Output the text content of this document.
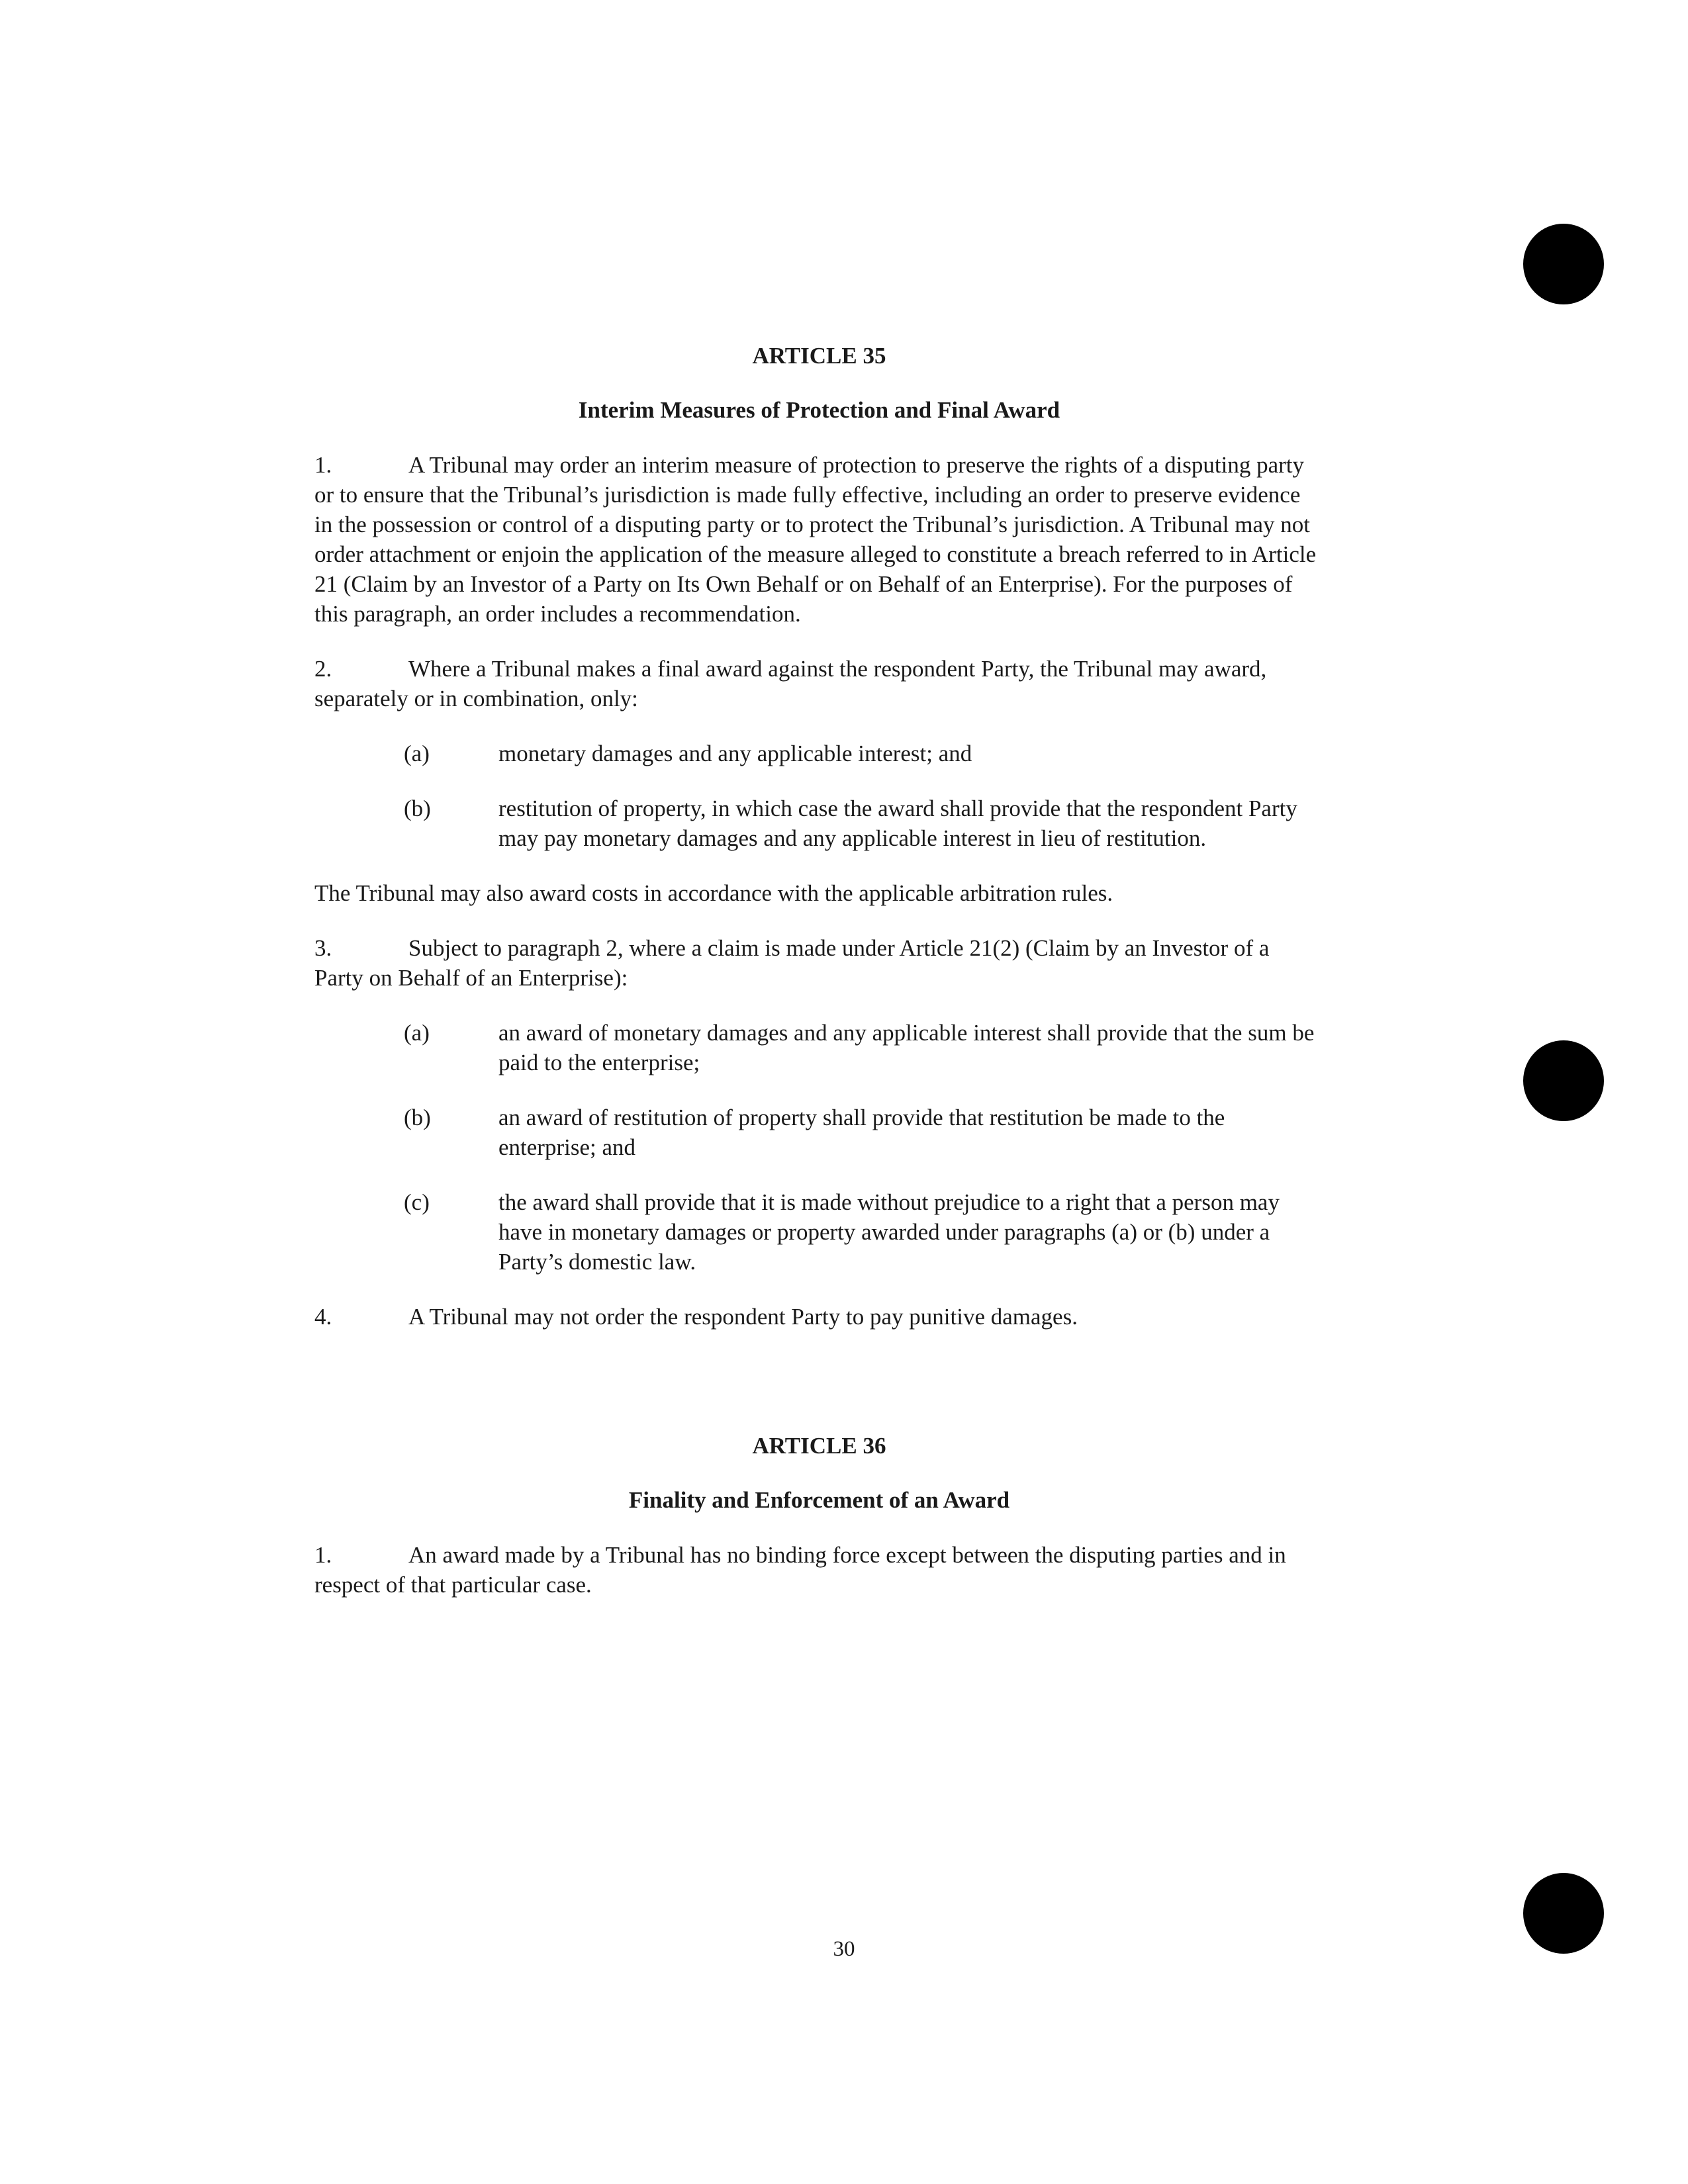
ARTICLE 35

Interim Measures of Protection and Final Award

1.	A Tribunal may order an interim measure of protection to preserve the rights of a disputing party or to ensure that the Tribunal’s jurisdiction is made fully effective, including an order to preserve evidence in the possession or control of a disputing party or to protect the Tribunal’s jurisdiction. A Tribunal may not order attachment or enjoin the application of the measure alleged to constitute a breach referred to in Article 21 (Claim by an Investor of a Party on Its Own Behalf or on Behalf of an Enterprise). For the purposes of this paragraph, an order includes a recommendation.

2.	Where a Tribunal makes a final award against the respondent Party, the Tribunal may award, separately or in combination, only:

(a)	monetary damages and any applicable interest; and
(b)	restitution of property, in which case the award shall provide that the respondent Party may pay monetary damages and any applicable interest in lieu of restitution.

The Tribunal may also award costs in accordance with the applicable arbitration rules.

3.	Subject to paragraph 2, where a claim is made under Article 21(2) (Claim by an Investor of a Party on Behalf of an Enterprise):

(a)	an award of monetary damages and any applicable interest shall provide that the sum be paid to the enterprise;
(b)	an award of restitution of property shall provide that restitution be made to the enterprise; and
(c)	the award shall provide that it is made without prejudice to a right that a person may have in monetary damages or property awarded under paragraphs (a) or (b) under a Party’s domestic law.

4.	A Tribunal may not order the respondent Party to pay punitive damages.

ARTICLE 36

Finality and Enforcement of an Award

1.	An award made by a Tribunal has no binding force except between the disputing parties and in respect of that particular case.

30
